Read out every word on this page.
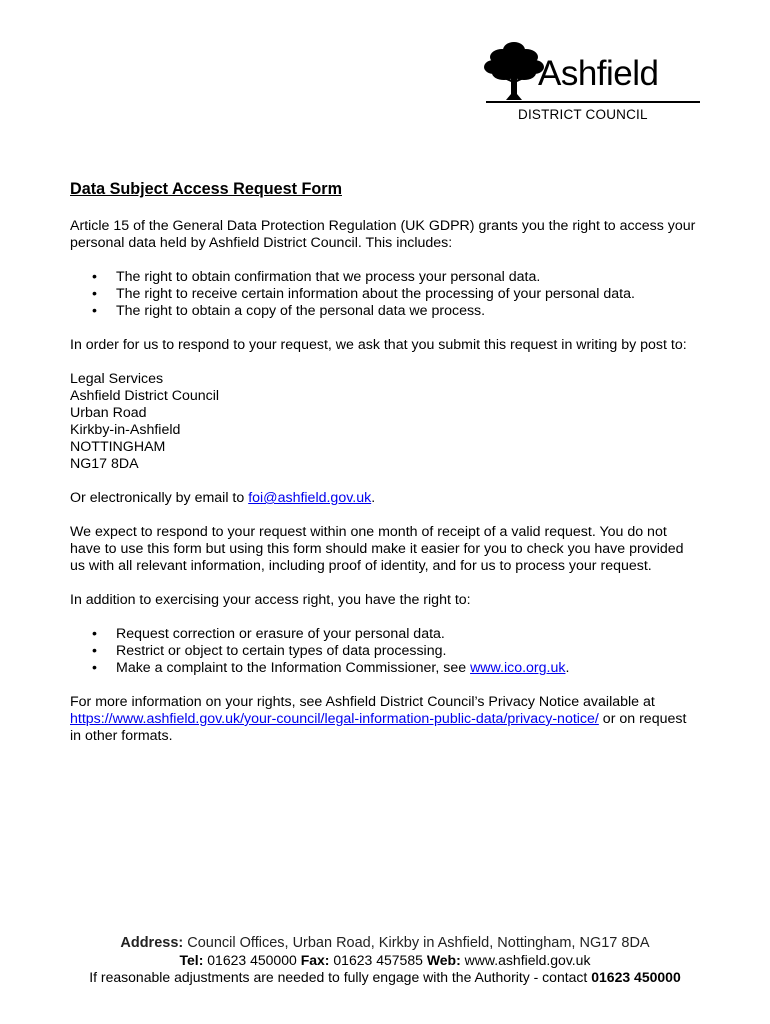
Ashfield
DISTRICT COUNCIL
Data Subject Access Request Form

Article 15 of the General Data Protection Regulation (UK GDPR) grants you the right to access your personal data held by Ashfield District Council. This includes:

• The right to obtain confirmation that we process your personal data.
• The right to receive certain information about the processing of your personal data.
• The right to obtain a copy of the personal data we process.

In order for us to respond to your request, we ask that you submit this request in writing by post to:

Legal Services
Ashfield District Council
Urban Road
Kirkby-in-Ashfield
NOTTINGHAM
NG17 8DA

Or electronically by email to foi@ashfield.gov.uk.

We expect to respond to your request within one month of receipt of a valid request. You do not have to use this form but using this form should make it easier for you to check you have provided us with all relevant information, including proof of identity, and for us to process your request.

In addition to exercising your access right, you have the right to:

• Request correction or erasure of your personal data.
• Restrict or object to certain types of data processing.
• Make a complaint to the Information Commissioner, see www.ico.org.uk.

For more information on your rights, see Ashfield District Council’s Privacy Notice available at https://www.ashfield.gov.uk/your-council/legal-information-public-data/privacy-notice/ or on request in other formats.

Address: Council Offices, Urban Road, Kirkby in Ashfield, Nottingham, NG17 8DA
Tel: 01623 450000 Fax: 01623 457585 Web: www.ashfield.gov.uk
If reasonable adjustments are needed to fully engage with the Authority - contact 01623 450000
